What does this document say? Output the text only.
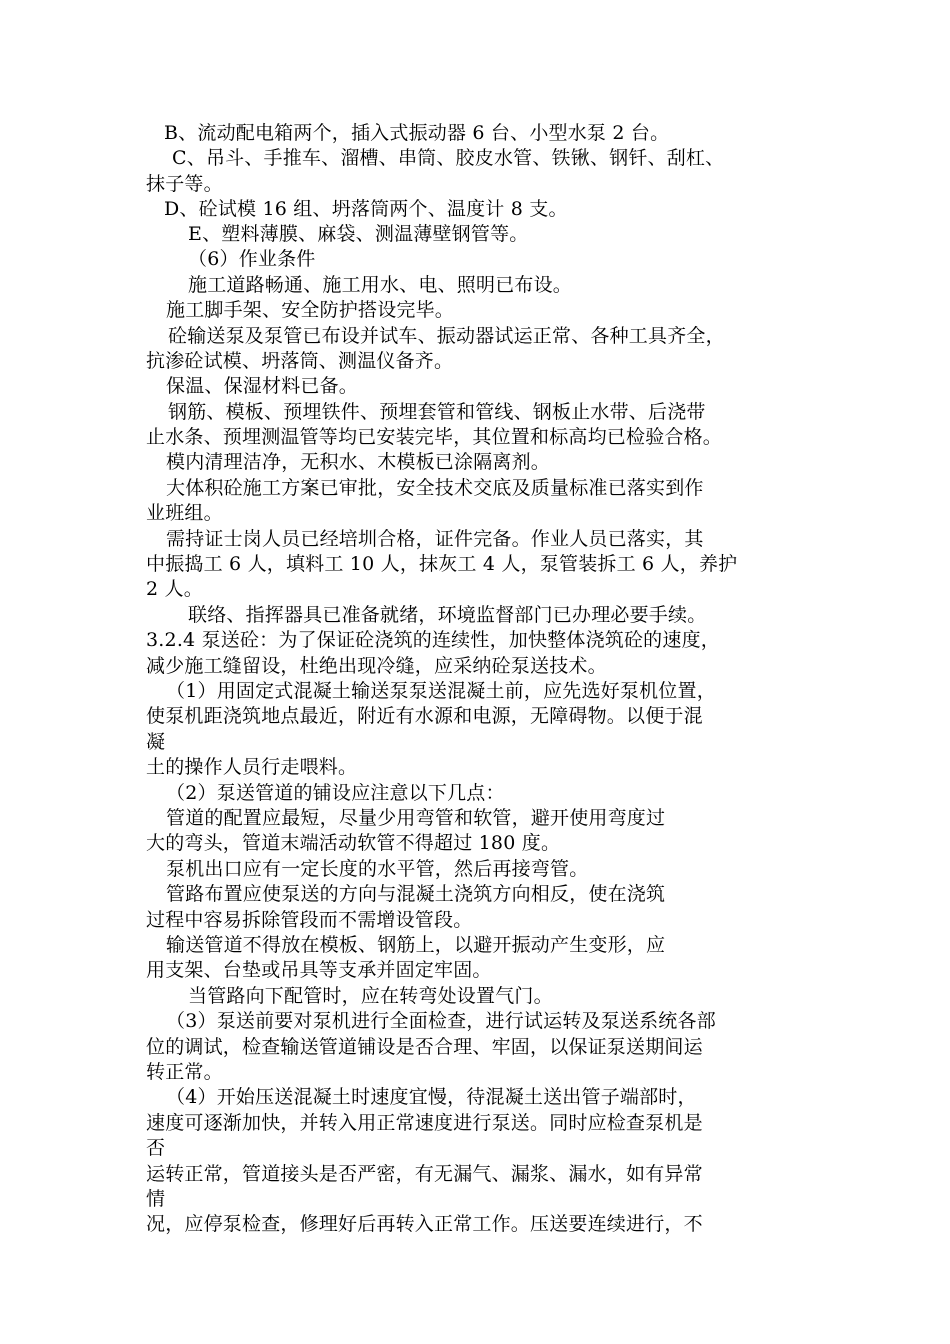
B、流动配电箱两个，插入式振动器 6 台、小型水泵 2 台。
C、吊斗、手推车、溜槽、串筒、胶皮水管、铁锹、钢钎、刮杠、
抹子等。
D、砼试模 16 组、坍落筒两个、温度计 8 支。
E、塑料薄膜、麻袋、测温薄壁钢管等。
（6）作业条件
施工道路畅通、施工用水、电、照明已布设。
施工脚手架、安全防护搭设完毕。
砼输送泵及泵管已布设并试车、振动器试运正常、各种工具齐全，
抗渗砼试模、坍落筒、测温仪备齐。
保温、保湿材料已备。
钢筋、模板、预埋铁件、预埋套管和管线、钢板止水带、后浇带
止水条、预埋测温管等均已安装完毕，其位置和标高均已检验合格。
模内清理洁净，无积水、木模板已涂隔离剂。
大体积砼施工方案已审批，安全技术交底及质量标准已落实到作
业班组。
需持证士岗人员已经培圳合格，证件完备。作业人员已落实，其
中振捣工 6 人，填料工 10 人，抹灰工 4 人，泵管装拆工 6 人，养护
2 人。
联络、指挥器具已准备就绪，环境监督部门已办理必要手续。
3.2.4 泵送砼：为了保证砼浇筑的连续性，加快整体浇筑砼的速度，
减少施工缝留设，杜绝出现冷缝，应采纳砼泵送技术。
（1）用固定式混凝土输送泵泵送混凝土前，应先选好泵机位置，
使泵机距浇筑地点最近，附近有水源和电源，无障碍物。以便于混
凝
土的操作人员行走喂料。
（2）泵送管道的铺设应注意以下几点：
管道的配置应最短，尽量少用弯管和软管，避开使用弯度过
大的弯头，管道末端活动软管不得超过 180 度。
泵机出口应有一定长度的水平管，然后再接弯管。
管路布置应使泵送的方向与混凝土浇筑方向相反，使在浇筑
过程中容易拆除管段而不需增设管段。
输送管道不得放在模板、钢筋上，以避开振动产生变形，应
用支架、台垫或吊具等支承并固定牢固。
当管路向下配管时，应在转弯处设置气门。
（3）泵送前要对泵机进行全面检查，进行试运转及泵送系统各部
位的调试，检查输送管道铺设是否合理、牢固，以保证泵送期间运
转正常。
（4）开始压送混凝土时速度宜慢，待混凝土送出管子端部时，
速度可逐渐加快，并转入用正常速度进行泵送。同时应检查泵机是
否
运转正常，管道接头是否严密，有无漏气、漏浆、漏水，如有异常
情
况，应停泵检查，修理好后再转入正常工作。压送要连续进行，不
